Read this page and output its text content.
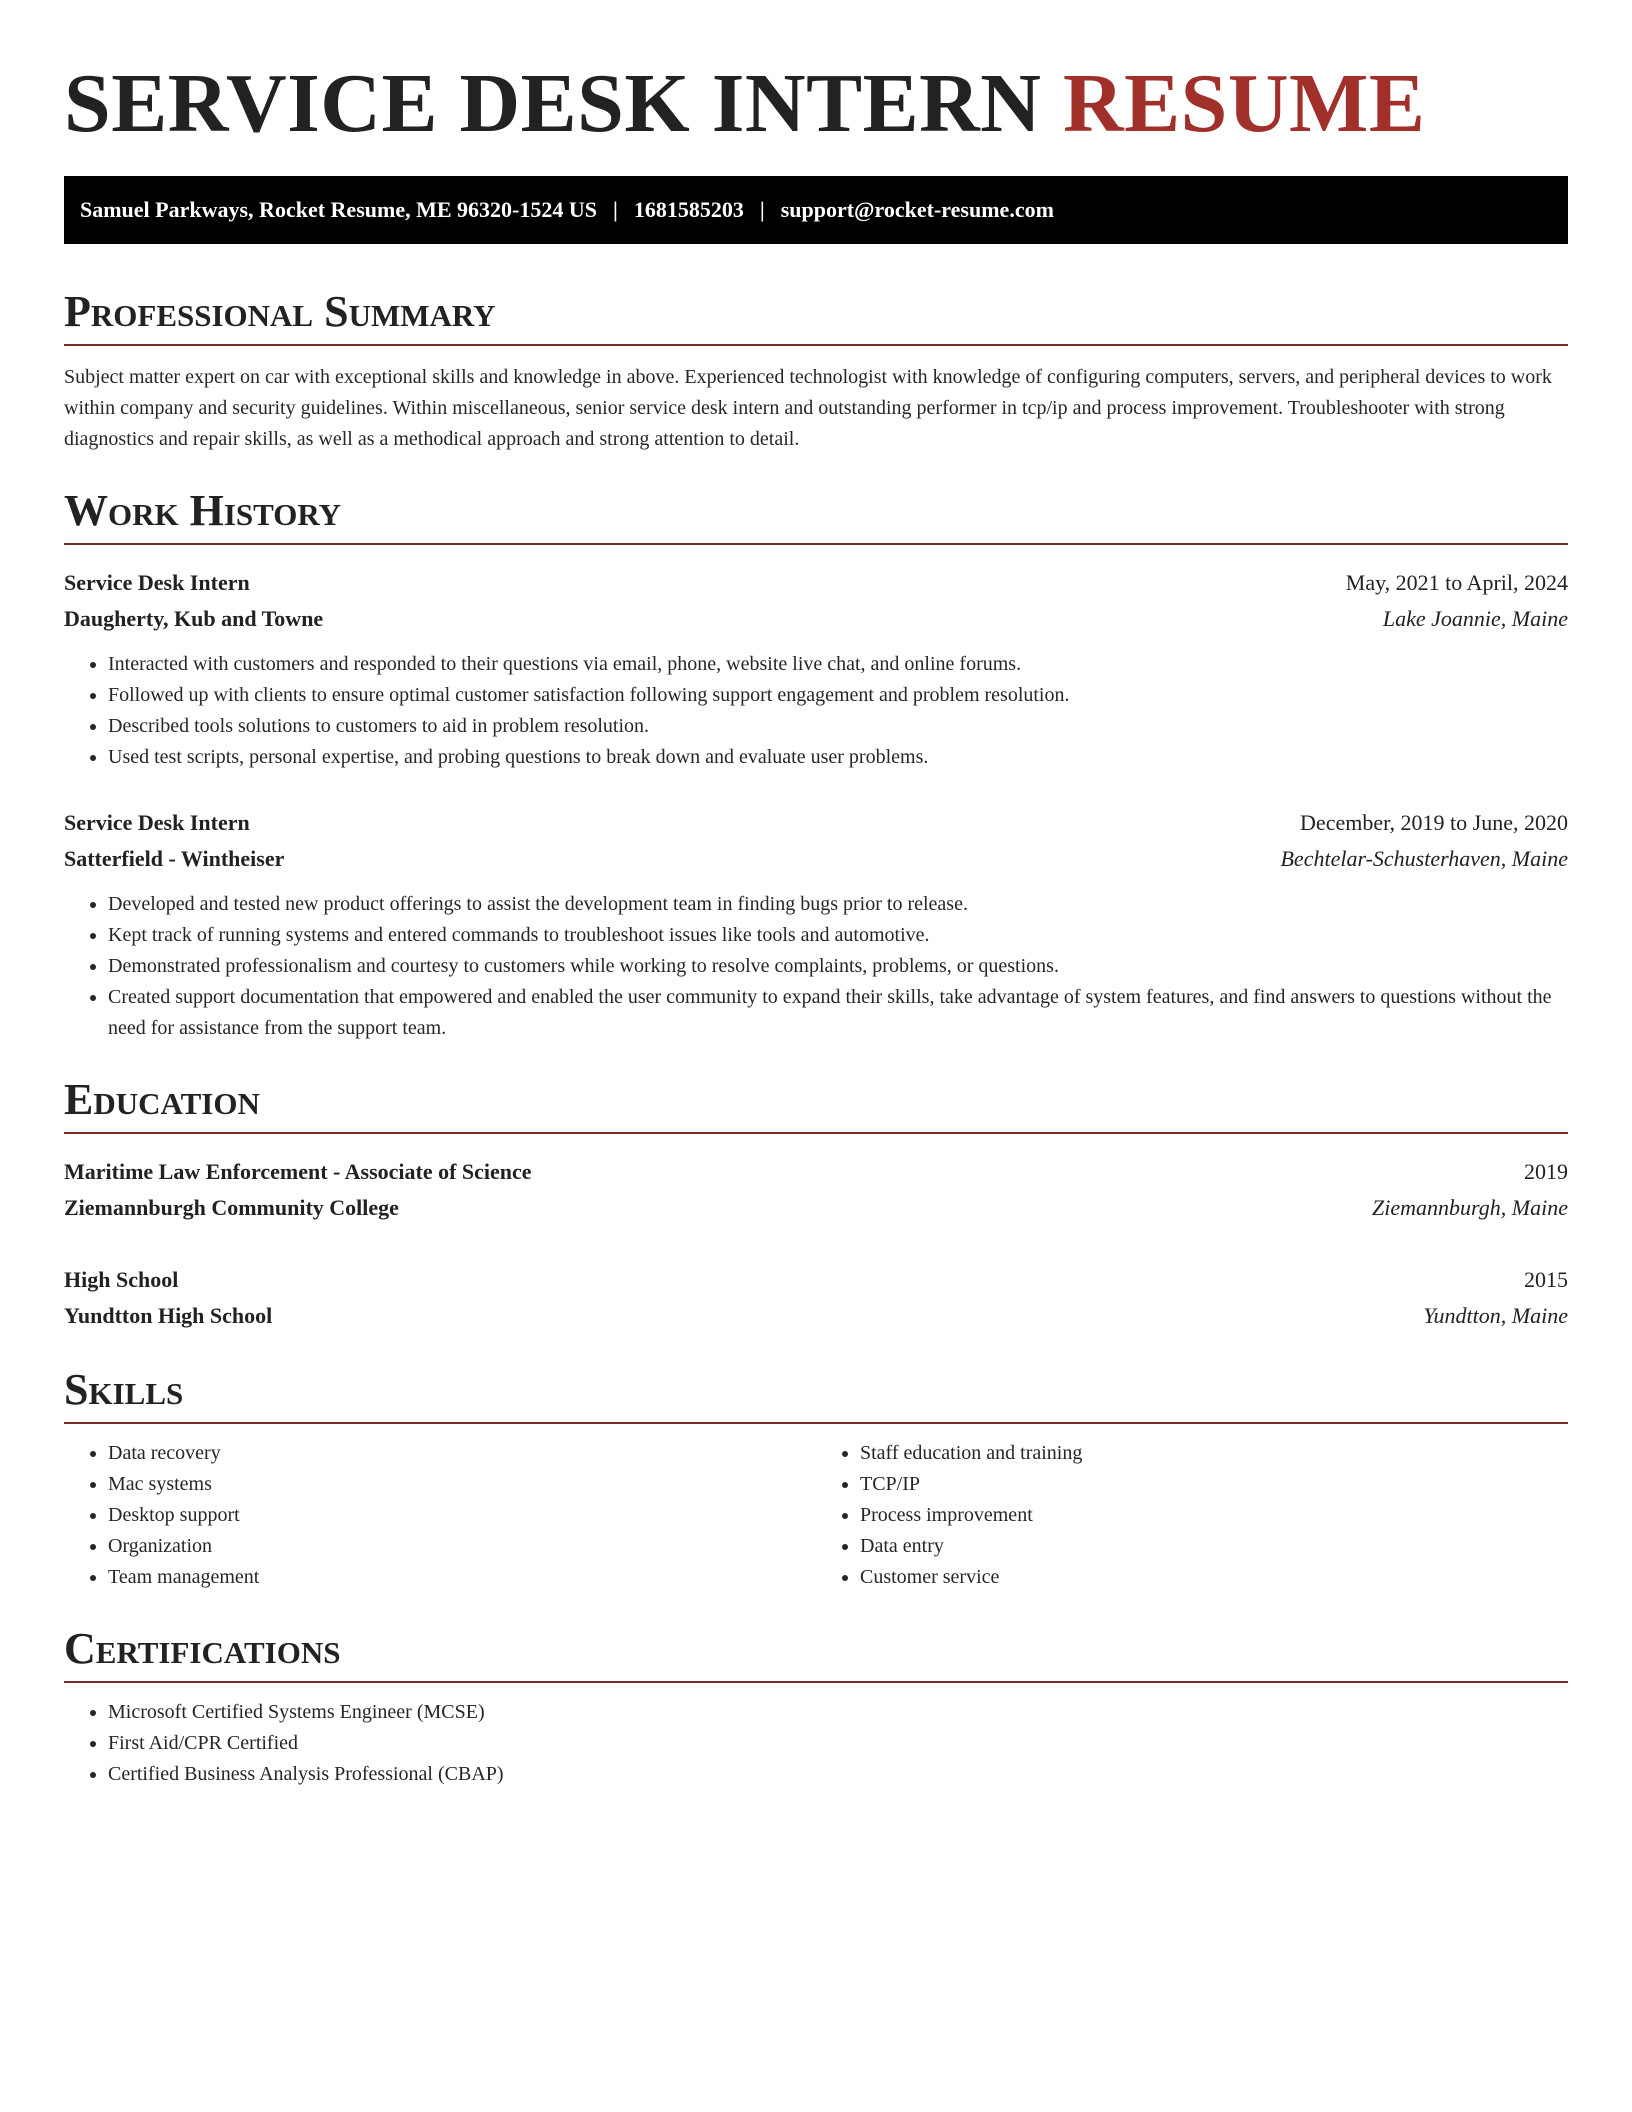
SERVICE DESK INTERN RESUME
Samuel Parkways, Rocket Resume, ME 96320-1524 US | 1681585203 | support@rocket-resume.com
Professional Summary

Subject matter expert on car with exceptional skills and knowledge in above. Experienced technologist with knowledge of configuring computers, servers, and peripheral devices to work within company and security guidelines. Within miscellaneous, senior service desk intern and outstanding performer in tcp/ip and process improvement. Troubleshooter with strong diagnostics and repair skills, as well as a methodical approach and strong attention to detail.

Work History
Service Desk Intern	May, 2021 to April, 2024
Daugherty, Kub and Towne	Lake Joannie, Maine
• Interacted with customers and responded to their questions via email, phone, website live chat, and online forums.
• Followed up with clients to ensure optimal customer satisfaction following support engagement and problem resolution.
• Described tools solutions to customers to aid in problem resolution.
• Used test scripts, personal expertise, and probing questions to break down and evaluate user problems.
Service Desk Intern	December, 2019 to June, 2020
Satterfield - Wintheiser	Bechtelar-Schusterhaven, Maine
• Developed and tested new product offerings to assist the development team in finding bugs prior to release.
• Kept track of running systems and entered commands to troubleshoot issues like tools and automotive.
• Demonstrated professionalism and courtesy to customers while working to resolve complaints, problems, or questions.
• Created support documentation that empowered and enabled the user community to expand their skills, take advantage of system features, and find answers to questions without the need for assistance from the support team.
Education
Maritime Law Enforcement - Associate of Science	2019
Ziemannburgh Community College	Ziemannburgh, Maine
High School	2015
Yundtton High School	Yundtton, Maine
Skills
• Data recovery
• Mac systems
• Desktop support
• Organization
• Team management
• Staff education and training
• TCP/IP
• Process improvement
• Data entry
• Customer service
Certifications
• Microsoft Certified Systems Engineer (MCSE)
• First Aid/CPR Certified
• Certified Business Analysis Professional (CBAP)
